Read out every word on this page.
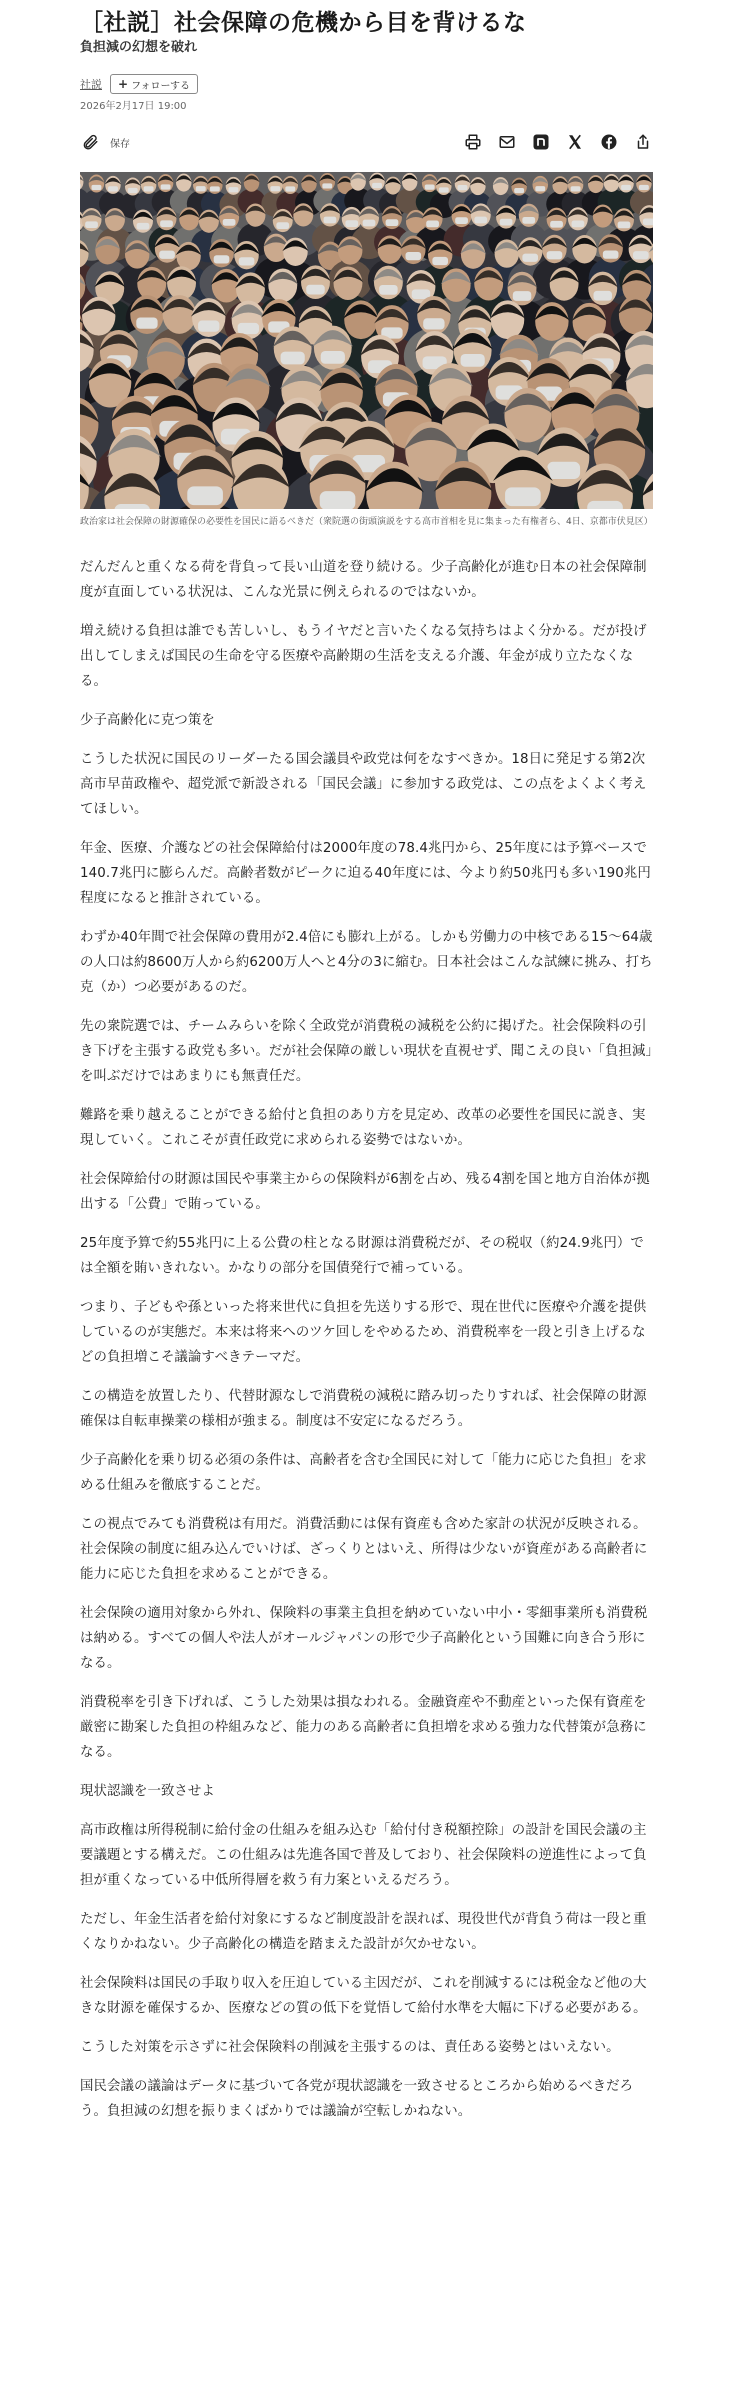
［社説］社会保障の危機から目を背けるな
負担減の幻想を破れ
社説 + フォローする
2026年2月17日 19:00
保存
政治家は社会保障の財源確保の必要性を国民に語るべきだ（衆院選の街頭演説をする高市首相を見に集まった有権者ら、4日、京都市伏見区）

だんだんと重くなる荷を背負って長い山道を登り続ける。少子高齢化が進む日本の社会保障制度が直面している状況は、こんな光景に例えられるのではないか。

増え続ける負担は誰でも苦しいし、もうイヤだと言いたくなる気持ちはよく分かる。だが投げ出してしまえば国民の生命を守る医療や高齢期の生活を支える介護、年金が成り立たなくなる。

少子高齢化に克つ策を

こうした状況に国民のリーダーたる国会議員や政党は何をなすべきか。18日に発足する第2次高市早苗政権や、超党派で新設される「国民会議」に参加する政党は、この点をよくよく考えてほしい。

年金、医療、介護などの社会保障給付は2000年度の78.4兆円から、25年度には予算ベースで140.7兆円に膨らんだ。高齢者数がピークに迫る40年度には、今より約50兆円も多い190兆円程度になると推計されている。

わずか40年間で社会保障の費用が2.4倍にも膨れ上がる。しかも労働力の中核である15〜64歳の人口は約8600万人から約6200万人へと4分の3に縮む。日本社会はこんな試練に挑み、打ち克（か）つ必要があるのだ。

先の衆院選では、チームみらいを除く全政党が消費税の減税を公約に掲げた。社会保険料の引き下げを主張する政党も多い。だが社会保障の厳しい現状を直視せず、聞こえの良い「負担減」を叫ぶだけではあまりにも無責任だ。

難路を乗り越えることができる給付と負担のあり方を見定め、改革の必要性を国民に説き、実現していく。これこそが責任政党に求められる姿勢ではないか。

社会保障給付の財源は国民や事業主からの保険料が6割を占め、残る4割を国と地方自治体が拠出する「公費」で賄っている。

25年度予算で約55兆円に上る公費の柱となる財源は消費税だが、その税収（約24.9兆円）では全額を賄いきれない。かなりの部分を国債発行で補っている。

つまり、子どもや孫といった将来世代に負担を先送りする形で、現在世代に医療や介護を提供しているのが実態だ。本来は将来へのツケ回しをやめるため、消費税率を一段と引き上げるなどの負担増こそ議論すべきテーマだ。

この構造を放置したり、代替財源なしで消費税の減税に踏み切ったりすれば、社会保障の財源確保は自転車操業の様相が強まる。制度は不安定になるだろう。

少子高齢化を乗り切る必須の条件は、高齢者を含む全国民に対して「能力に応じた負担」を求める仕組みを徹底することだ。

この視点でみても消費税は有用だ。消費活動には保有資産も含めた家計の状況が反映される。社会保険の制度に組み込んでいけば、ざっくりとはいえ、所得は少ないが資産がある高齢者に能力に応じた負担を求めることができる。

社会保険の適用対象から外れ、保険料の事業主負担を納めていない中小・零細事業所も消費税は納める。すべての個人や法人がオールジャパンの形で少子高齢化という国難に向き合う形になる。

消費税率を引き下げれば、こうした効果は損なわれる。金融資産や不動産といった保有資産を厳密に勘案した負担の枠組みなど、能力のある高齢者に負担増を求める強力な代替策が急務になる。

現状認識を一致させよ

高市政権は所得税制に給付金の仕組みを組み込む「給付付き税額控除」の設計を国民会議の主要議題とする構えだ。この仕組みは先進各国で普及しており、社会保険料の逆進性によって負担が重くなっている中低所得層を救う有力案といえるだろう。

ただし、年金生活者を給付対象にするなど制度設計を誤れば、現役世代が背負う荷は一段と重くなりかねない。少子高齢化の構造を踏まえた設計が欠かせない。

社会保険料は国民の手取り収入を圧迫している主因だが、これを削減するには税金など他の大きな財源を確保するか、医療などの質の低下を覚悟して給付水準を大幅に下げる必要がある。

こうした対策を示さずに社会保険料の削減を主張するのは、責任ある姿勢とはいえない。

国民会議の議論はデータに基づいて各党が現状認識を一致させるところから始めるべきだろう。負担減の幻想を振りまくばかりでは議論が空転しかねない。
